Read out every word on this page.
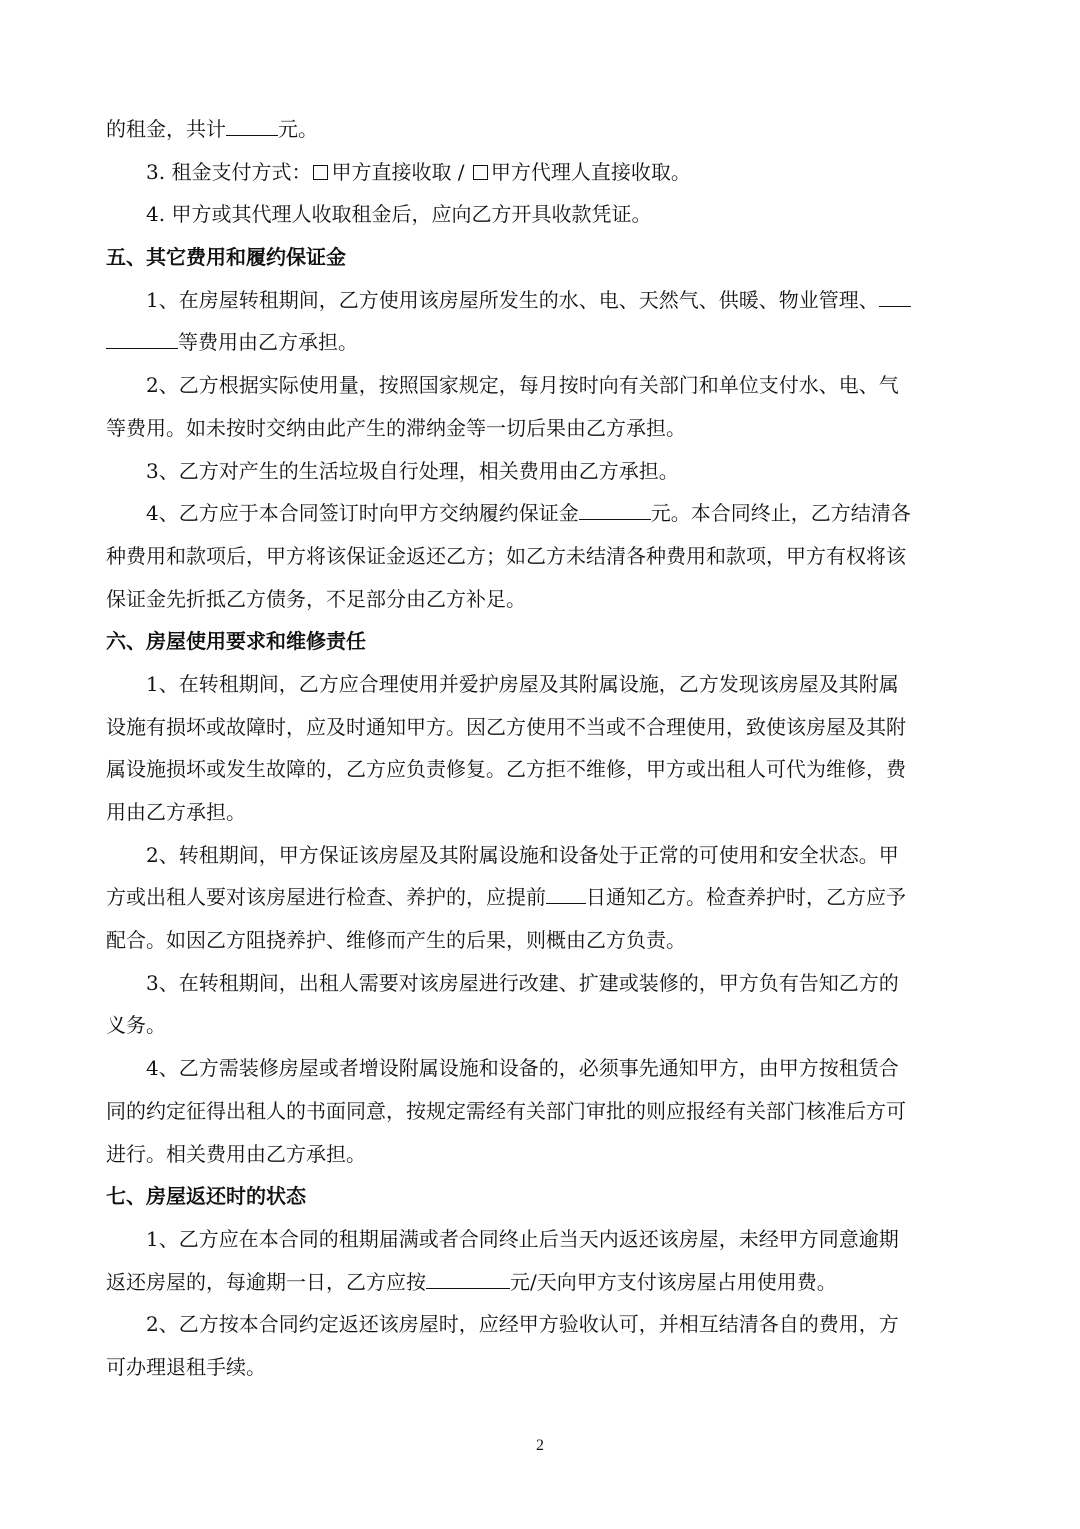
的租金，共计	元。
3. 租金支付方式： 甲方直接收取 / 甲方代理人直接收取。
4. 甲方或其代理人收取租金后，应向乙方开具收款凭证。
五、其它费用和履约保证金
1、在房屋转租期间，乙方使用该房屋所发生的水、电、天然气、供暖、物业管理、
等费用由乙方承担。
2、乙方根据实际使用量，按照国家规定，每月按时向有关部门和单位支付水、电、气
等费用。如未按时交纳由此产生的滞纳金等一切后果由乙方承担。
3、乙方对产生的生活垃圾自行处理，相关费用由乙方承担。
4、乙方应于本合同签订时向甲方交纳履约保证金	元。本合同终止，乙方结清各
种费用和款项后，甲方将该保证金返还乙方；如乙方未结清各种费用和款项，甲方有权将该
保证金先折抵乙方债务，不足部分由乙方补足。
六、房屋使用要求和维修责任
1、在转租期间，乙方应合理使用并爱护房屋及其附属设施，乙方发现该房屋及其附属
设施有损坏或故障时，应及时通知甲方。因乙方使用不当或不合理使用，致使该房屋及其附
属设施损坏或发生故障的，乙方应负责修复。乙方拒不维修，甲方或出租人可代为维修，费
用由乙方承担。
2、转租期间，甲方保证该房屋及其附属设施和设备处于正常的可使用和安全状态。甲
方或出租人要对该房屋进行检查、养护的，应提前 日通知乙方。检查养护时，乙方应予
配合。如因乙方阻挠养护、维修而产生的后果，则概由乙方负责。
3、在转租期间，出租人需要对该房屋进行改建、扩建或装修的，甲方负有告知乙方的
义务。
4、乙方需装修房屋或者增设附属设施和设备的，必须事先通知甲方，由甲方按租赁合
同的约定征得出租人的书面同意，按规定需经有关部门审批的则应报经有关部门核准后方可
进行。相关费用由乙方承担。
七、房屋返还时的状态
1、乙方应在本合同的租期届满或者合同终止后当天内返还该房屋，未经甲方同意逾期
返还房屋的，每逾期一日，乙方应按	元/天向甲方支付该房屋占用使用费。
2、乙方按本合同约定返还该房屋时，应经甲方验收认可，并相互结清各自的费用，方
可办理退租手续。
2
